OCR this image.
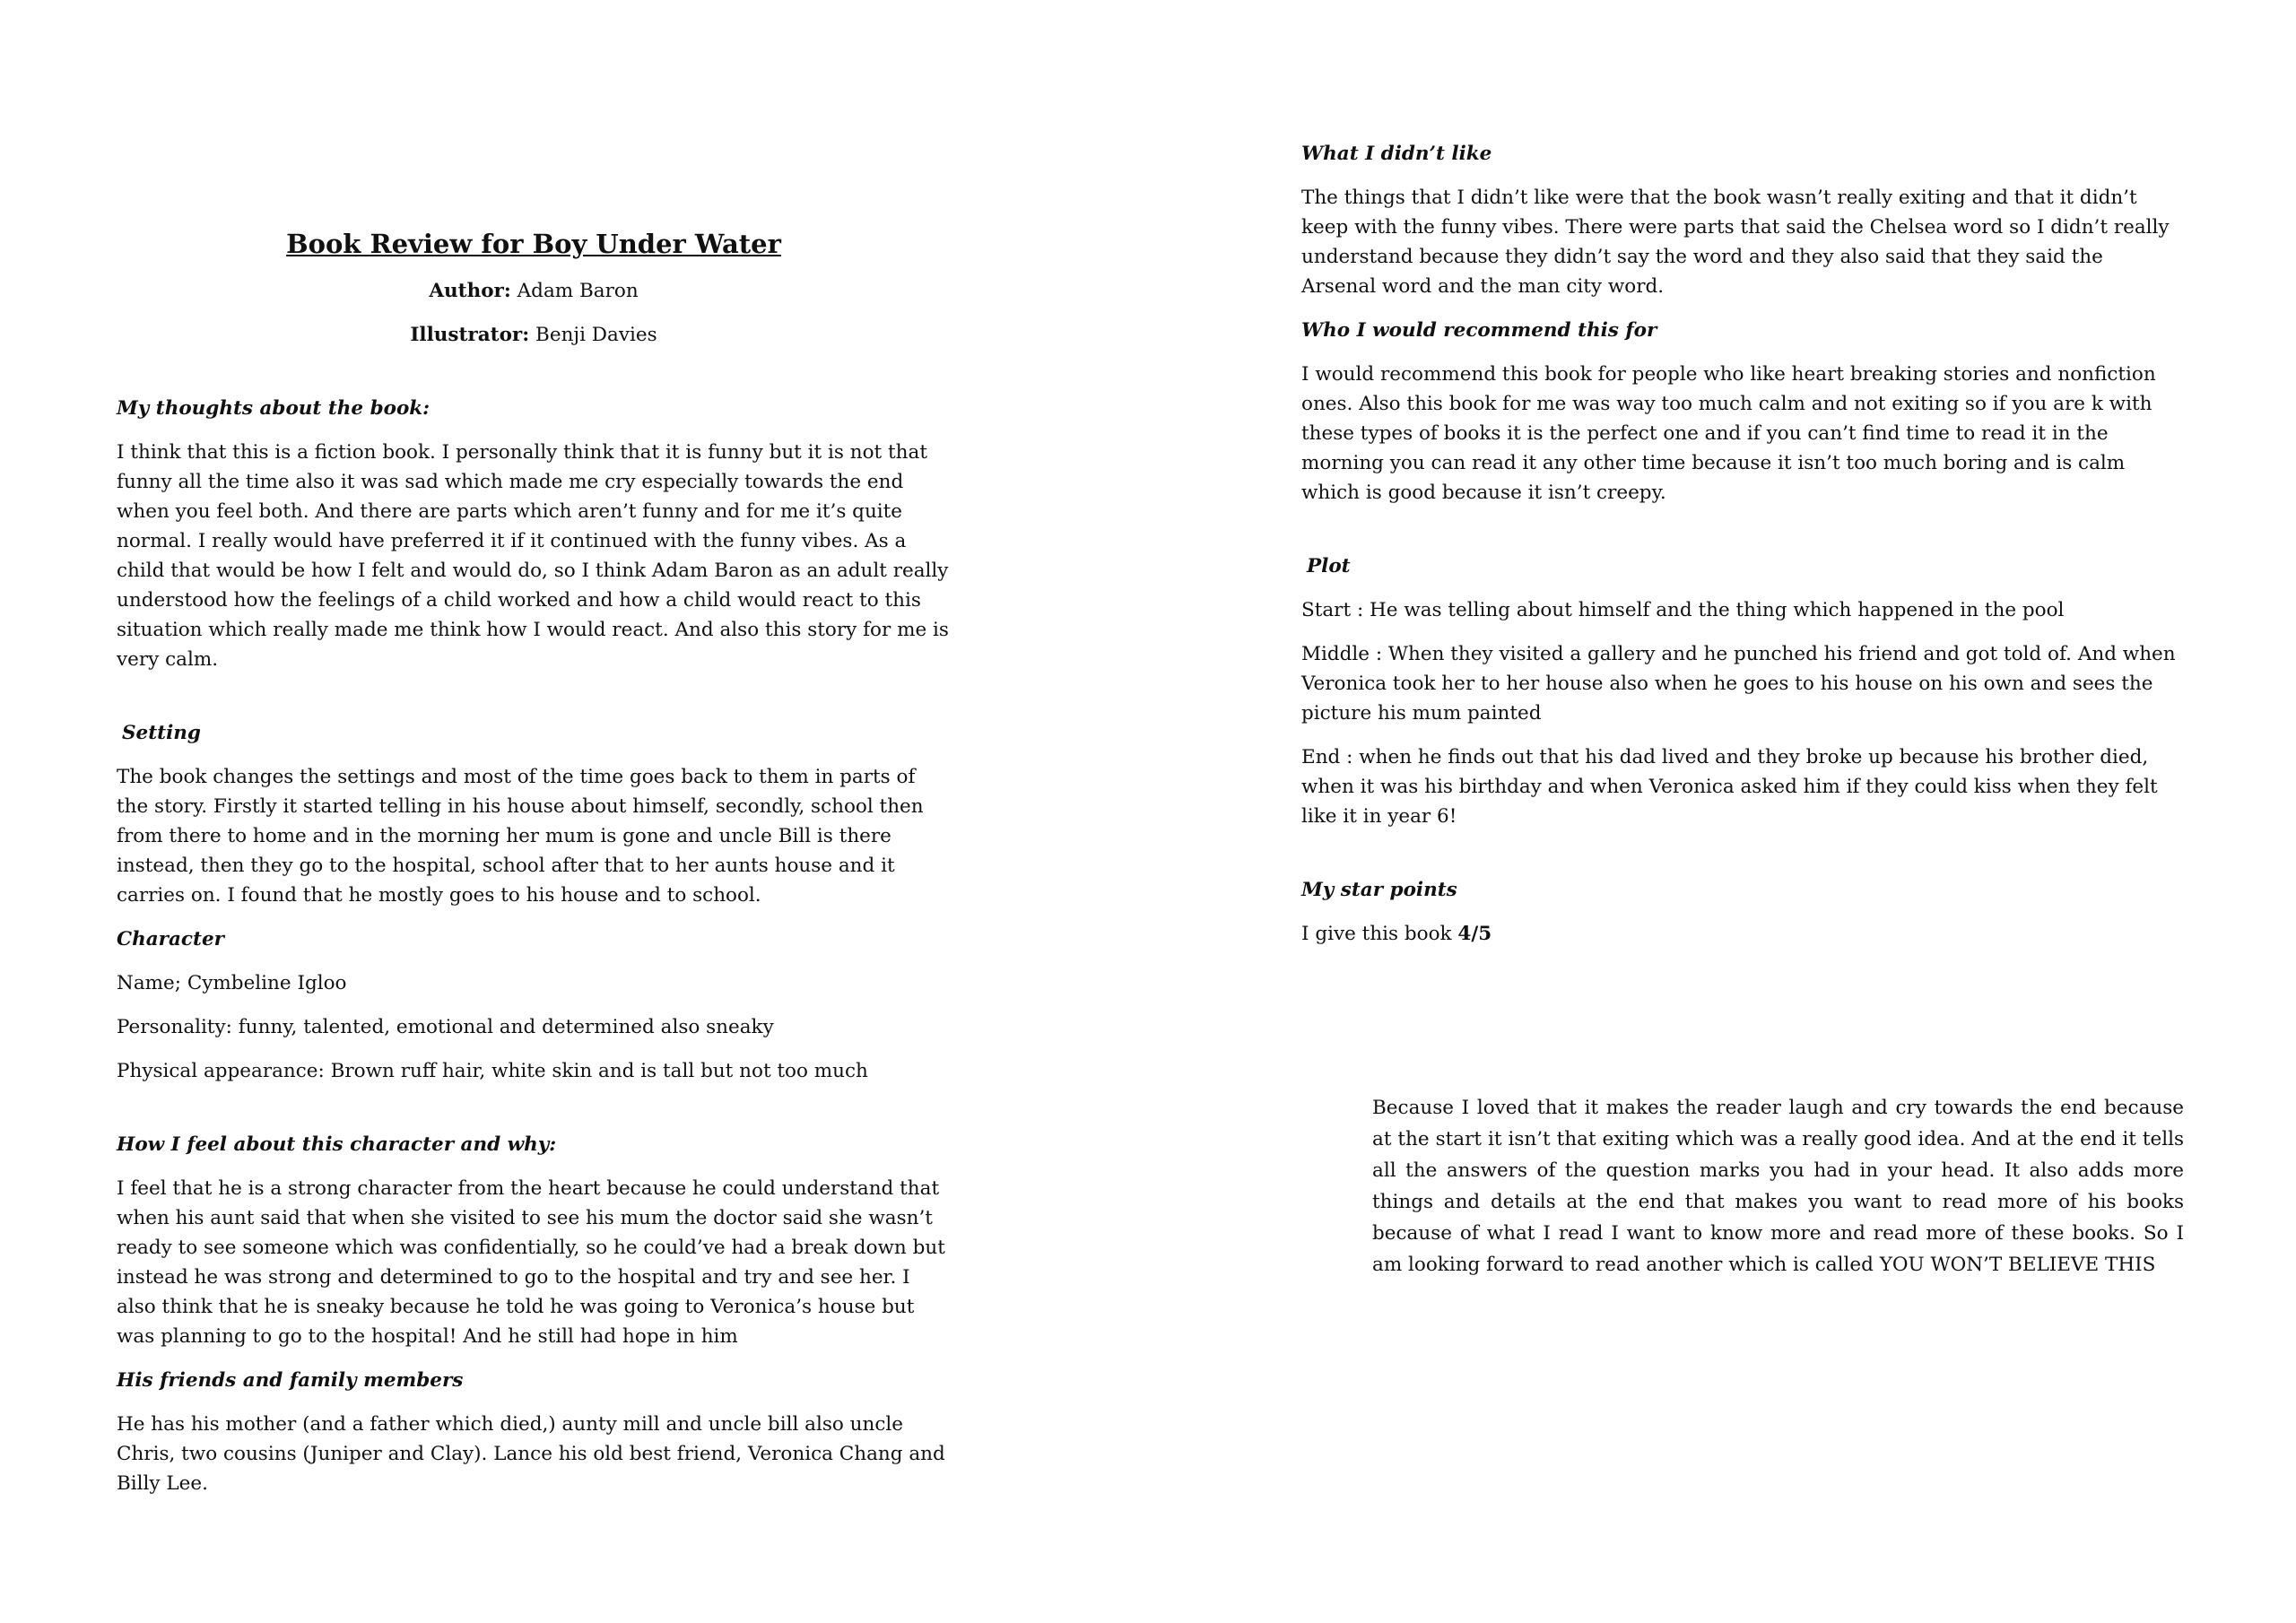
Book Review for Boy Under Water

Author: Adam Baron

Illustrator: Benji Davies

My thoughts about the book:

I think that this is a fiction book. I personally think that it is funny but it is not that funny all the time also it was sad which made me cry especially towards the end when you feel both. And there are parts which aren’t funny and for me it’s quite normal. I really would have preferred it if it continued with the funny vibes. As a child that would be how I felt and would do, so I think Adam Baron as an adult really understood how the feelings of a child worked and how a child would react to this situation which really made me think how I would react. And also this story for me is very calm.

Setting

The book changes the settings and most of the time goes back to them in parts of the story. Firstly it started telling in his house about himself, secondly, school then from there to home and in the morning her mum is gone and uncle Bill is there instead, then they go to the hospital, school after that to her aunts house and it carries on. I found that he mostly goes to his house and to school.

Character

Name; Cymbeline Igloo

Personality: funny, talented, emotional and determined also sneaky

Physical appearance: Brown ruff hair, white skin and is tall but not too much

How I feel about this character and why:

I feel that he is a strong character from the heart because he could understand that when his aunt said that when she visited to see his mum the doctor said she wasn’t ready to see someone which was confidentially, so he could’ve had a break down but instead he was strong and determined to go to the hospital and try and see her. I also think that he is sneaky because he told he was going to Veronica’s house but was planning to go to the hospital! And he still had hope in him

His friends and family members

He has his mother (and a father which died,) aunty mill and uncle bill also uncle Chris, two cousins (Juniper and Clay). Lance his old best friend, Veronica Chang and Billy Lee.

What I didn’t like

The things that I didn’t like were that the book wasn’t really exiting and that it didn’t keep with the funny vibes. There were parts that said the Chelsea word so I didn’t really understand because they didn’t say the word and they also said that they said the Arsenal word and the man city word.

Who I would recommend this for

I would recommend this book for people who like heart breaking stories and nonfiction ones. Also this book for me was way too much calm and not exiting so if you are k with these types of books it is the perfect one and if you can’t find time to read it in the morning you can read it any other time because it isn’t too much boring and is calm which is good because it isn’t creepy.

Plot

Start : He was telling about himself and the thing which happened in the pool

Middle : When they visited a gallery and he punched his friend and got told of. And when Veronica took her to her house also when he goes to his house on his own and sees the picture his mum painted

End : when he finds out that his dad lived and they broke up because his brother died, when it was his birthday and when Veronica asked him if they could kiss when they felt like it in year 6!

My star points

I give this book 4/5

Because I loved that it makes the reader laugh and cry towards the end because at the start it isn’t that exiting which was a really good idea. And at the end it tells all the answers of the question marks you had in your head. It also adds more things and details at the end that makes you want to read more of his books because of what I read I want to know more and read more of these books. So I am looking forward to read another which is called YOU WON’T BELIEVE THIS
